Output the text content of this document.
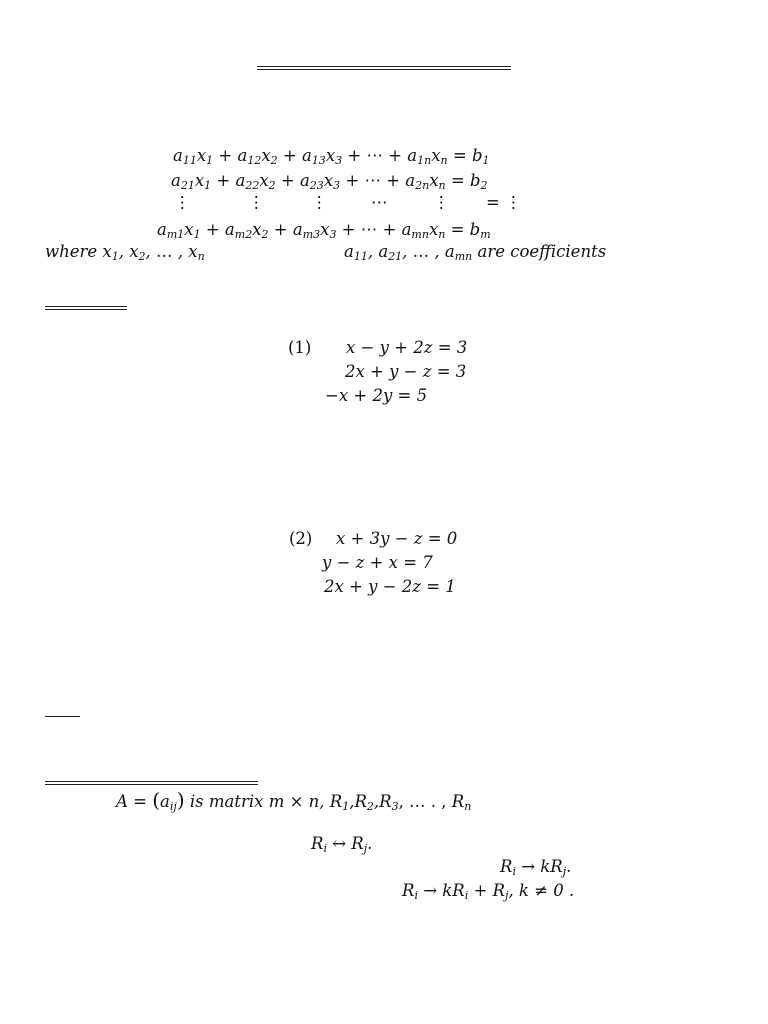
$a_{11}x_1 + a_{12}x_2 + a_{13}x_3$ + ⋯ + $a_{1n}x_n = b_1$
$a_{21}x_1 + a_{22}x_2 + a_{23}x_3$ + ⋯ + $a_{2n}x_n = b_2$
⋮	⋮	⋮	⋯	⋮ = ⋮
$a_{m1}x_1 + a_{m2}x_2 + a_{m3}x_3$ + ⋯ + $a_{mn}x_n = b_m$
where $x_1$, $x_2$, … , $x_n$	$a_{11}$, $a_{21}$, … , $a_{mn}$ are coefficients
(1) x − y + 2z = 3
2x + y − z = 3
−x + 2y = 5
(2) x + 3y − z = 0
y − z + x = 7
2x + y − 2z = 1
$A = (a_{ij})$ is matrix m × n, $R_1,R_2,R_3$, … . , $R_n$
$R_i$ ↔ $R_j$.
$R_i \to kR_j$.
$R_i \to kR_i + R_j$, k ≠ 0 .
